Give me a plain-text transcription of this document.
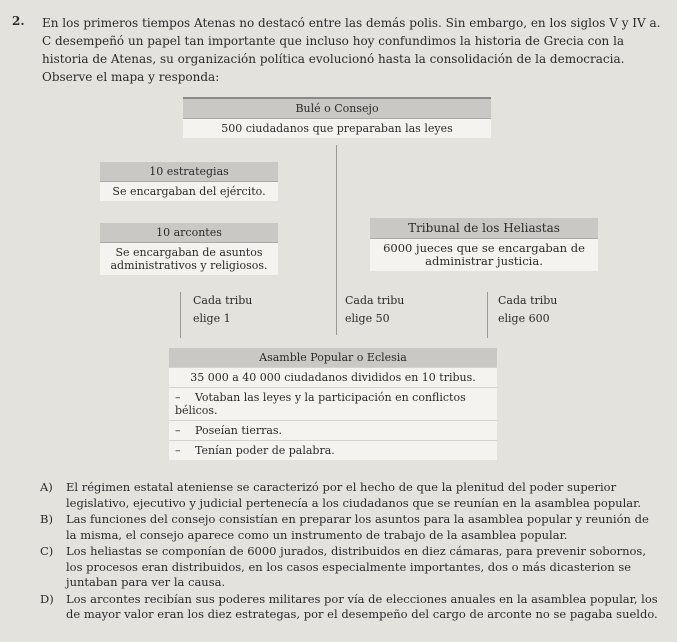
2. En los primeros tiempos Atenas no destacó entre las demás polis. Sin embargo, en los siglos V y IV a. C desempeñó un papel tan importante que incluso hoy confundimos la historia de Grecia con la historia de Atenas, su organización política evolucionó hasta la consolidación de la democracia. Observe el mapa y responda:
Bulé o Consejo
500 ciudadanos que preparaban las leyes
10 estrategias
Se encargaban del ejército.
10 arcontes
Se encargaban de asuntos
administrativos y religiosos.
Tribunal de los Heliastas
6000 jueces que se encargaban de
administrar justicia.
Cada tribu
elige 1
Cada tribu
elige 50
Cada tribu
elige 600
Asamble Popular o Eclesia
35 000 a 40 000 ciudadanos divididos en 10 tribus.
– Votaban las leyes y la participación en conflictos bélicos.
– Poseían tierras.
– Tenían poder de palabra.
A)	El régimen estatal ateniense se caracterizó por el hecho de que la plenitud del poder superior legislativo, ejecutivo y judicial pertenecía a los ciudadanos que se reunían en la asamblea popular.
B)	Las funciones del consejo consistían en preparar los asuntos para la asamblea popular y reunión de la misma, el consejo aparece como un instrumento de trabajo de la asamblea popular.
C)	Los heliastas se componían de 6000 jurados, distribuidos en diez cámaras, para prevenir sobornos, los procesos eran distribuidos, en los casos especialmente importantes, dos o más dicasterion se juntaban para ver la causa.
D)	Los arcontes recibían sus poderes militares por vía de elecciones anuales en la asamblea popular, los de mayor valor eran los diez estrategas, por el desempeño del cargo de arconte no se pagaba sueldo.
